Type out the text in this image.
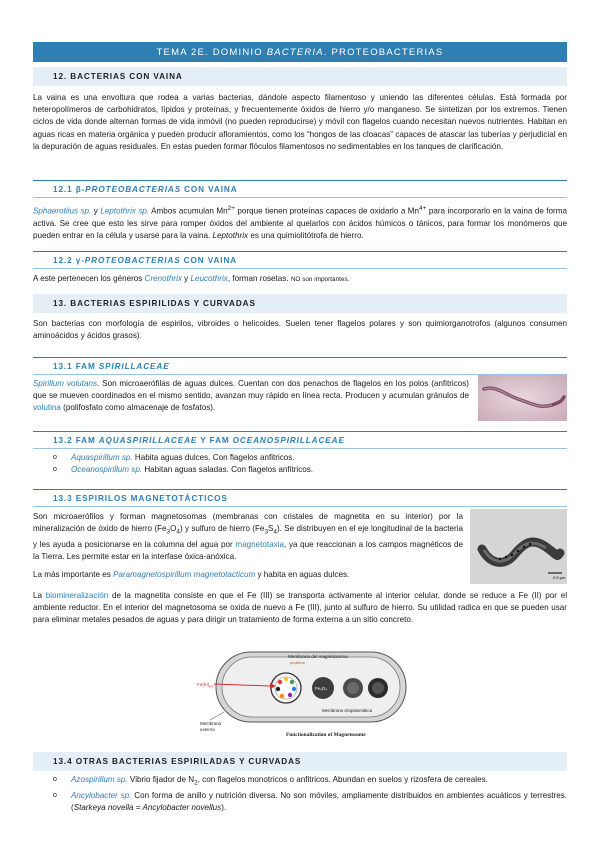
TEMA 2E. DOMINIO
BACTERIA . PROTEOBACTERIAS
12. BACTERIAS CON VAINA

La vaina es una envoltura que rodea a varias bacterias, dándole aspecto filamentoso y uniendo las diferentes células. Está formada por heteropolímeros de carbohidratos, lípidos y proteínas, y frecuentemente óxidos de hierro y/o manganeso. Se sintetizan por los extremos. Tienen ciclos de vida donde alternan formas de vida inmóvil (no pueden reproducirse) y móvil con flagelos cuando necesitan nuevos nutrientes. Habitan en aguas ricas en materia orgánica y pueden producir afloramientos, como los “hongos de las cloacas” capaces de atascar las tuberías y perjudicial en la depuración de aguas residuales. En estas pueden formar flóculos filamentosos no sedimentables en los tanques de clarificación.

12.1 β- PROTEOBACTERIAS CON VAINA

Sphaerotilus sp. y Leptothrix sp. Ambos acumulan $Mn^{2+}$ porque tienen proteínas capaces de oxidarlo a $Mn^{4+}$ para incorporarlo en la vaina de forma activa. Se cree que esto les sirve para romper óxidos del ambiente al quelarlos con ácidos húmicos o tánicos, para formar los monómeros que pueden entrar en la célula y usarse para la vaina. Leptothrix es una quimiolitótrofa de hierro.

12.2 γ- PROTEOBACTERIAS CON VAINA

A este pertenecen los géneros Crenothrix y Leucothrix, forman rosetas. NO son importantes.

13. BACTERIAS ESPIRILIDAS Y CURVADAS

Son bacterias con morfología de espirilos, vibroides o helicoides. Suelen tener flagelos polares y son quimiorganotrofos (algunos consumen aminoácidos y ácidos grasos).

13.1 FAM SPIRILLACEAE

Spirillum volutans. Son microaerófilas de aguas dulces. Cuentan con dos penachos de flagelos en los polos (anfitricos) que se mueven coordinados en el mismo sentido, avanzan muy rápido en línea recta. Producen y acumulan gránulos de volutina (polifosfato como almacenaje de fosfatos).

13.2 FAM AQUASPIRILLACEAE Y FAM OCEANOSPIRILLACEAE
o Aquaspirillum sp. Habita aguas dulces. Con flagelos anfitricos.
o Oceanospirillum sp. Habitan aguas saladas. Con flagelos anfitricos.
13.3 ESPIRILOS MAGNETOTÁCTICOS

Son microaerófilos y forman magnetosomas (membranas con cristales de magnetita en su interior) por la mineralización de óxido de hierro $(Fe_3O_4)$ y sulfuro de hierro $(Fe_3S_4)$. Se distribuyen en el eje longitudinal de la bacteria y les ayuda a posicionarse en la columna del agua por magnetotaxia, ya que reaccionan a los campos magnéticos de la Tierra. Les permite estar en la interfase óxica-anóxica.

La más importante es Paramagnetospirillum magnetotacticum y habita en aguas dulces.	0.5 µm

La biomineralización de la magnetita consiste en que el Fe (III) se transporta activamente al interior celular, donde se reduce a Fe (II) por el ambiente reductor. En el interior del magnetosoma se oxida de nuevo a Fe (III), junto al sulfuro de hierro. Su utilidad radica en que se pueden usar para eliminar metales pesados de aguas y para dirigir un tratamiento de forma externa a un sitio concreto.

Membrana del magnetosoma
proteína
$Fe(III)_{ext}$	Fe₃O₄
Membrana citoplasmática
Membrana
externa
Functionalization of Magnetosome
13.4 OTRAS BACTERIAS ESPIRILADAS Y CURVADAS
o Azospirillum sp. Vibrio fijador de $N_2$, con flagelos monotricos o anfitricos. Abundan en suelos y rizosfera de cereales.
o Ancylobacter sp. Con forma de anillo y nutrición diversa. No son móviles, ampliamente distribuidos en ambientes acuáticos y terrestres. (Starkeya novella = Ancylobacter novellus).
